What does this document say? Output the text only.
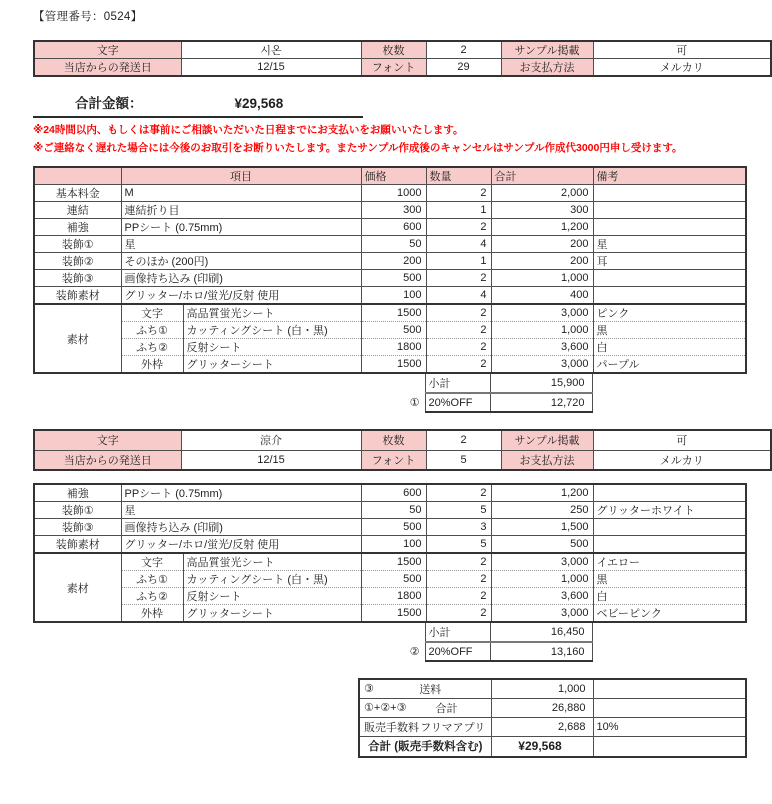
【管理番号：0524】
文字	시온	枚数	2	サンプル掲載	可
当店からの発送日	12/15	フォント	29	お支払方法	メルカリ
合計金額：	¥29,568
※24時間以内、もしくは事前にご相談いただいた日程までにお支払いをお願いいたします。
※ご連絡なく遅れた場合には今後のお取引をお断りいたします。またサンプル作成後のキャンセルはサンプル作成代3000円申し受けます。
	項目		価格	数量	合計	備考
基本料金	M		1000	2	2,000	
連結	連結折り目		300	1	300	
補強	PPシート (0.75mm)		600	2	1,200	
装飾①	星		50	4	200	星
装飾②	そのほか (200円)		200	1	200	耳
装飾③	画像持ち込み (印刷)		500	2	1,000	
装飾素材	グリッター/ホロ/蛍光/反射 使用		100	4	400	
素材	文字	高品質蛍光シート	1500	2	3,000	ピンク
	ふち①	カッティングシート (白・黒)	500	2	1,000	黒
	ふち②	反射シート	1800	2	3,600	白
	外枠	グリッターシート	1500	2	3,000	パープル
	小計	15,900
①	20%OFF	12,720
文字	涼介	枚数	2	サンプル掲載	可
当店からの発送日	12/15	フォント	5	お支払方法	メルカリ
補強	PPシート (0.75mm)		600	2	1,200	
装飾①	星		50	5	250	グリッターホワイト
装飾③	画像持ち込み (印刷)		500	3	1,500	
装飾素材	グリッター/ホロ/蛍光/反射 使用		100	5	500	
素材	文字	高品質蛍光シート	1500	2	3,000	イエロー
	ふち①	カッティングシート (白・黒)	500	2	1,000	黒
	ふち②	反射シート	1800	2	3,600	白
	外枠	グリッターシート	1500	2	3,000	ベビーピンク
	小計	16,450
②	20%OFF	13,160
③ 送料	1,000	

①+②+③ 合計	26,880	

販売手数料 フリマアプリ	2,688	10%

合計 (販売手数料含む)	¥29,568	
